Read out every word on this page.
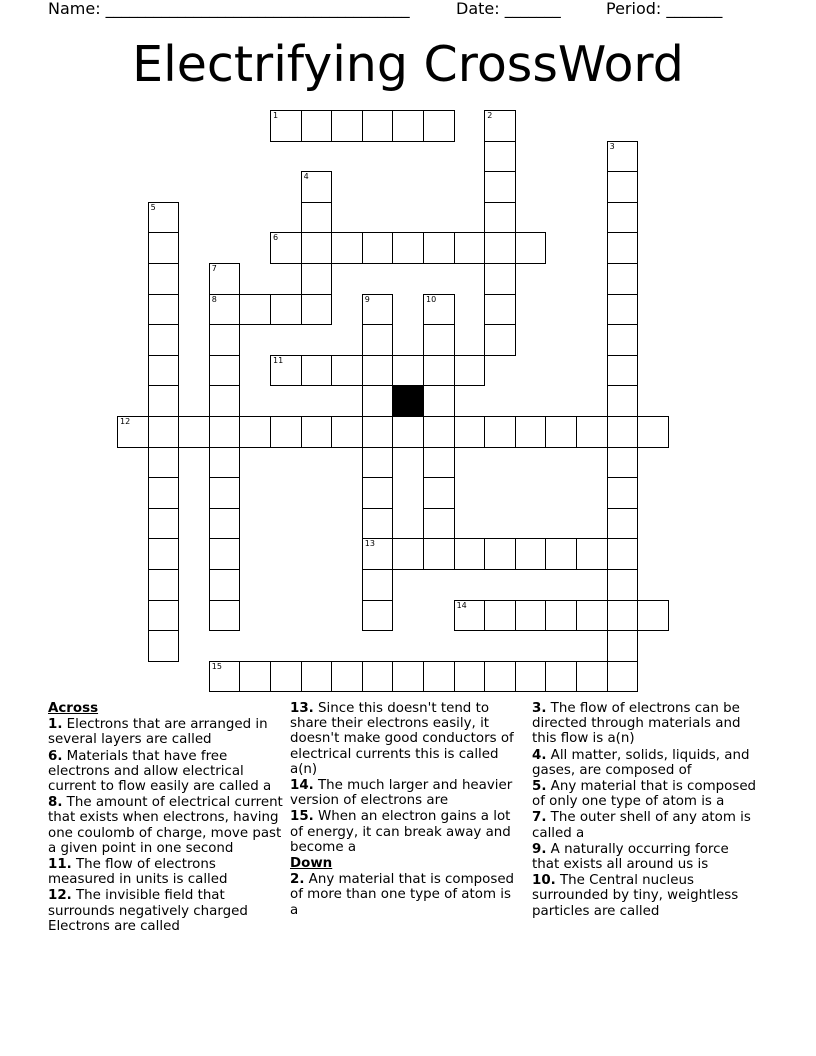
Name: ______________________________________	Date: _______	Period: _______
Electrifying CrossWord
1	2
3
4
5
6
7
8	9
13
10
11
12
14
15
Across
1. Electrons that are arranged in several layers are called
6. Materials that have free electrons and allow electrical current to flow easily are called a
8. The amount of electrical current that exists when electrons, having one coulomb of charge, move past a given point in one second
11. The flow of electrons measured in units is called
12. The invisible field that surrounds negatively charged Electrons are called
13. Since this doesn't tend to share their electrons easily, it doesn't make good conductors of electrical currents this is called a(n)
14. The much larger and heavier version of electrons are
15. When an electron gains a lot of energy, it can break away and become a
Down
2. Any material that is composed of more than one type of atom is a
3. The flow of electrons can be directed through materials and this flow is a(n)
4. All matter, solids, liquids, and gases, are composed of
5. Any material that is composed of only one type of atom is a
7. The outer shell of any atom is called a
9. A naturally occurring force that exists all around us is
10. The Central nucleus surrounded by tiny, weightless particles are called
